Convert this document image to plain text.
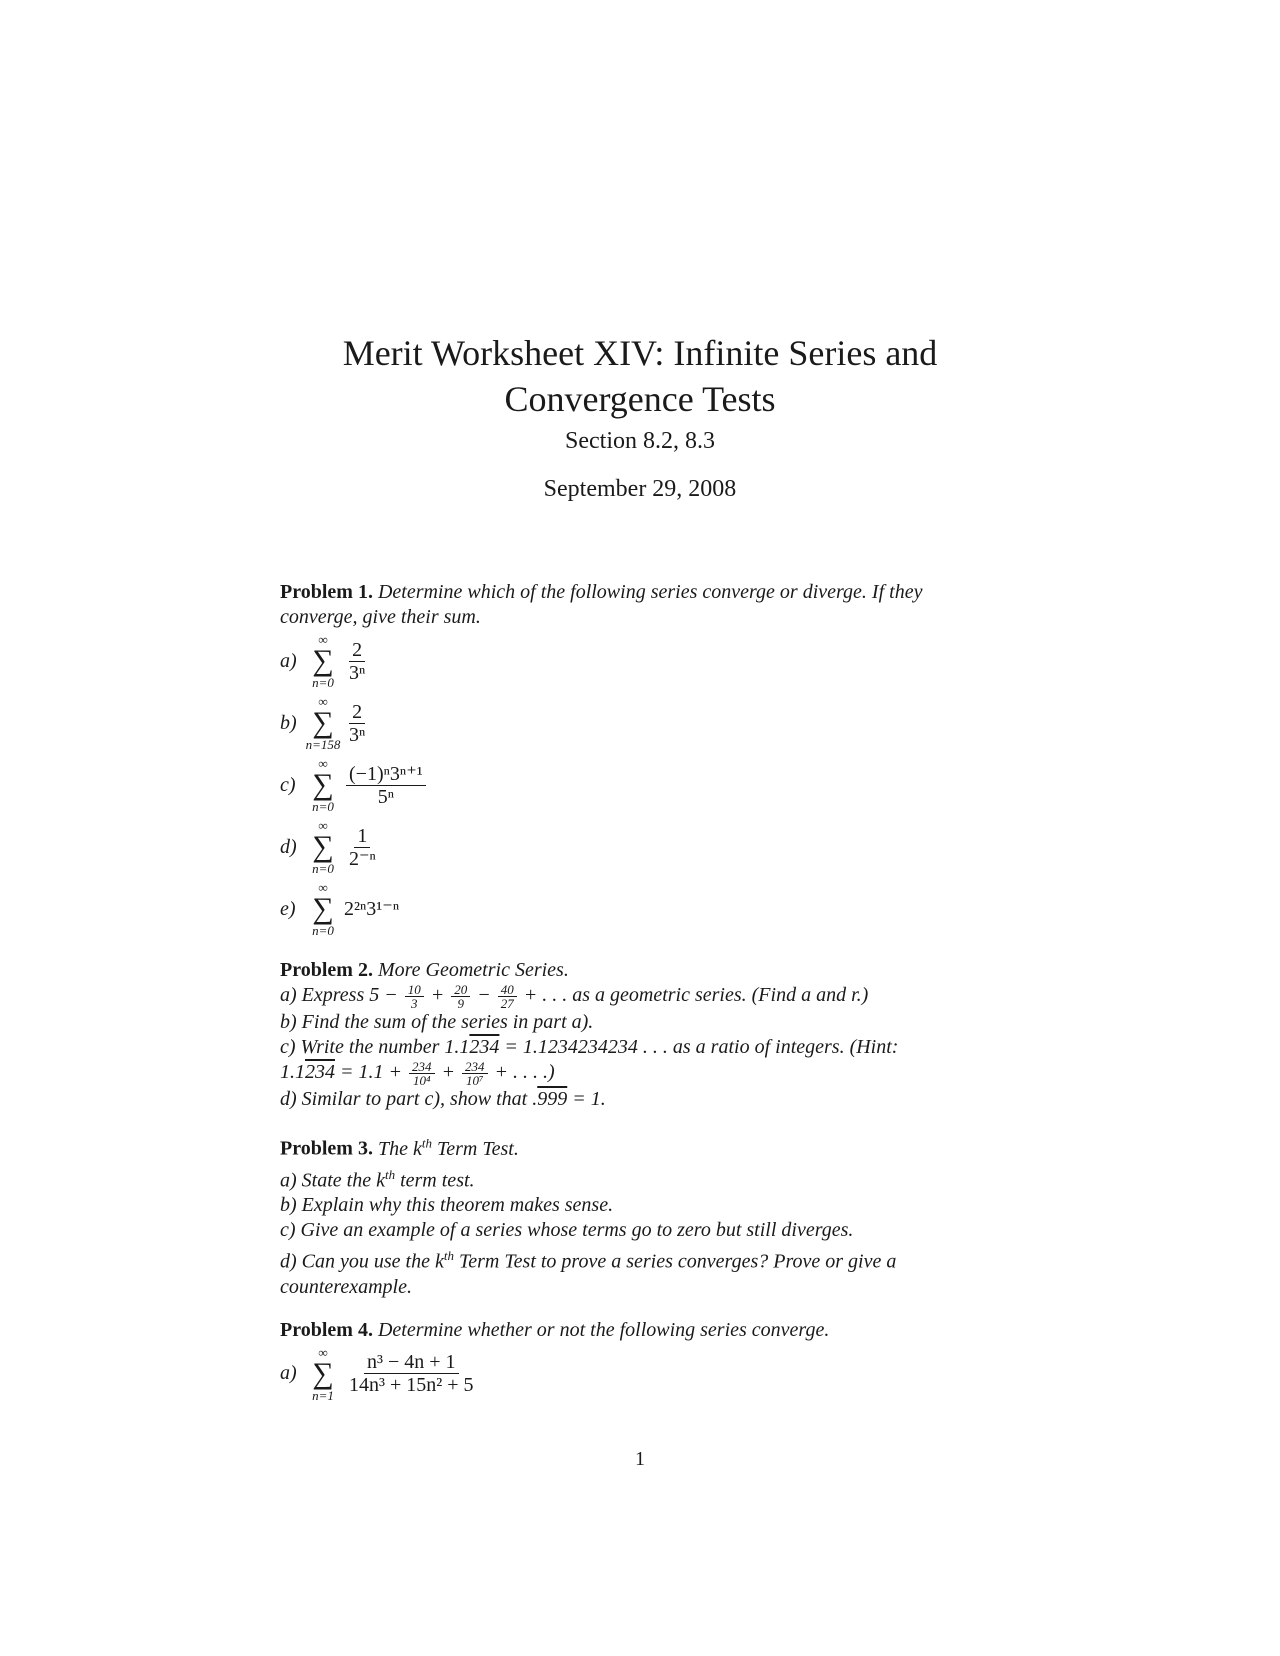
Merit Worksheet XIV: Infinite Series and
Convergence Tests
Section 8.2, 8.3
September 29, 2008
Problem 1. Determine which of the following series converge or diverge. If they converge, give their sum.
a)
∞
∑
$n=0 \frac{2}{\text{3ⁿ}}$
b)
∞
∑
$n=158 \frac{2}{\text{3ⁿ}}$
c)
∞
∑
$n=0 \frac{\text{(−1)ⁿ3ⁿ⁺¹}}{\text{5ⁿ}}$
d)
∞
∑
$n=0 \frac{1}{\text{2⁻ⁿ}}$
e)
∞
∑
n=0
2²ⁿ3¹⁻ⁿ
Problem 2. More Geometric Series.
a) Express $5 - \frac{10}{3} + \frac{20}{9} - \frac{40}{27}$ + . . . as a geometric series. (Find a and r.)
b) Find the sum of the series in part a).
c) Write the number 1.1234 = 1.1234234234 . . . as a ratio of integers. (Hint:
$1.1234 = 1.1 + \frac{234}{\text{10⁴}} + \frac{234}{\text{10⁷}}$ + . . . .)
d) Similar to part c), show that .999 = 1.
Problem 3. The $k^{th}$ Term Test.
a) State the $k^{th}$ term test.
b) Explain why this theorem makes sense.
c) Give an example of a series whose terms go to zero but still diverges.
d) Can you use the $k^{th}$ Term Test to prove a series converges? Prove or give a counterexample.
Problem 4. Determine whether or not the following series converge.
a)
∞
∑
$n=1 \frac{\text{n³ − 4n + 1}}{\text{14n³ + 15n² + 5}}$
1
